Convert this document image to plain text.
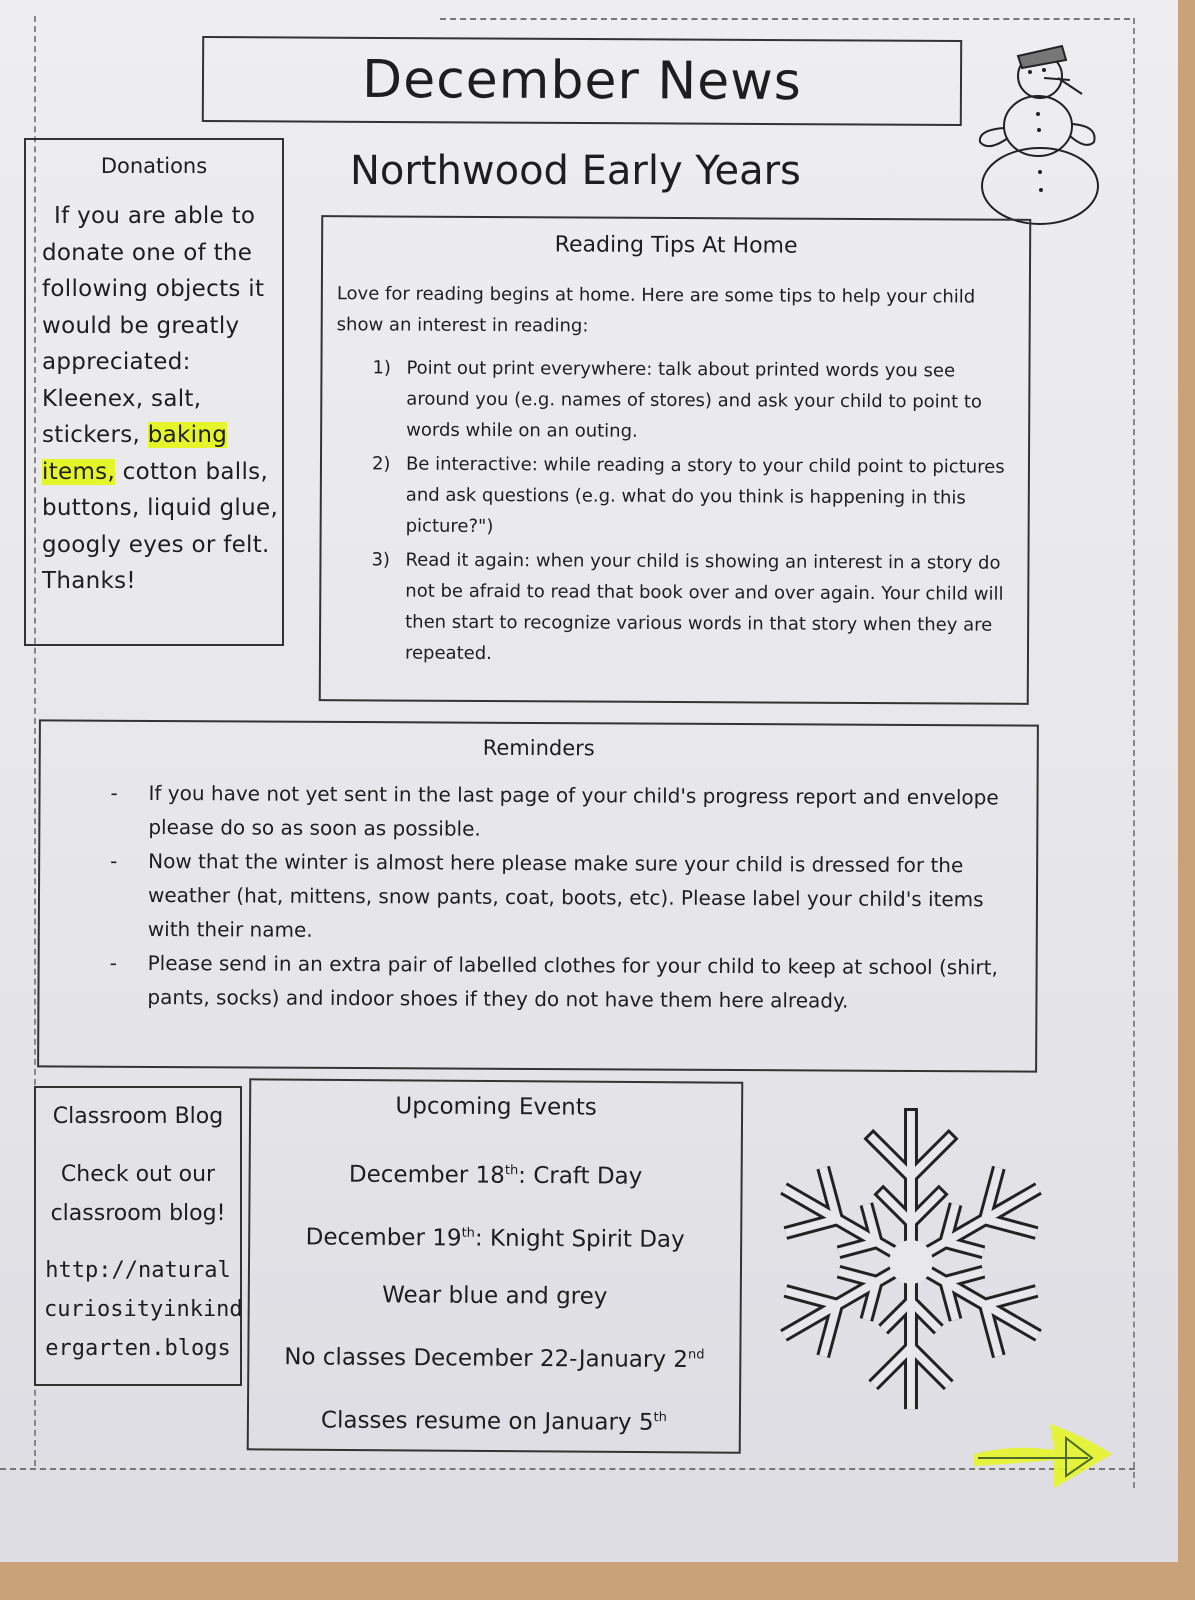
December News
Northwood Early Years
Donations
If you are able to
donate one of the
following objects it
would be greatly
appreciated:
Kleenex, salt,
stickers, baking
items, cotton balls,
buttons, liquid glue,
googly eyes or felt.
Thanks!
Reading Tips At Home

Love for reading begins at home. Here are some tips to help your child show an interest in reading:

1) Point out print everywhere: talk about printed words you see around you (e.g. names of stores) and ask your child to point to words while on an outing.
2) Be interactive: while reading a story to your child point to pictures and ask questions (e.g. what do you think is happening in this picture?")
3) Read it again: when your child is showing an interest in a story do not be afraid to read that book over and over again. Your child will then start to recognize various words in that story when they are repeated.
Reminders
-	If you have not yet sent in the last page of your child's progress report and envelope please do so as soon as possible.
-	Now that the winter is almost here please make sure your child is dressed for the weather (hat, mittens, snow pants, coat, boots, etc). Please label your child's items with their name.
-	Please send in an extra pair of labelled clothes for your child to keep at school (shirt, pants, socks) and indoor shoes if they do not have them here already.
Classroom Blog
Check out our
classroom blog!
http://natural
curiosityinkind
ergarten.blogs
Upcoming Events
December 18th: Craft Day
December 19th: Knight Spirit Day
Wear blue and grey
No classes December 22-January 2nd
Classes resume on January 5th
